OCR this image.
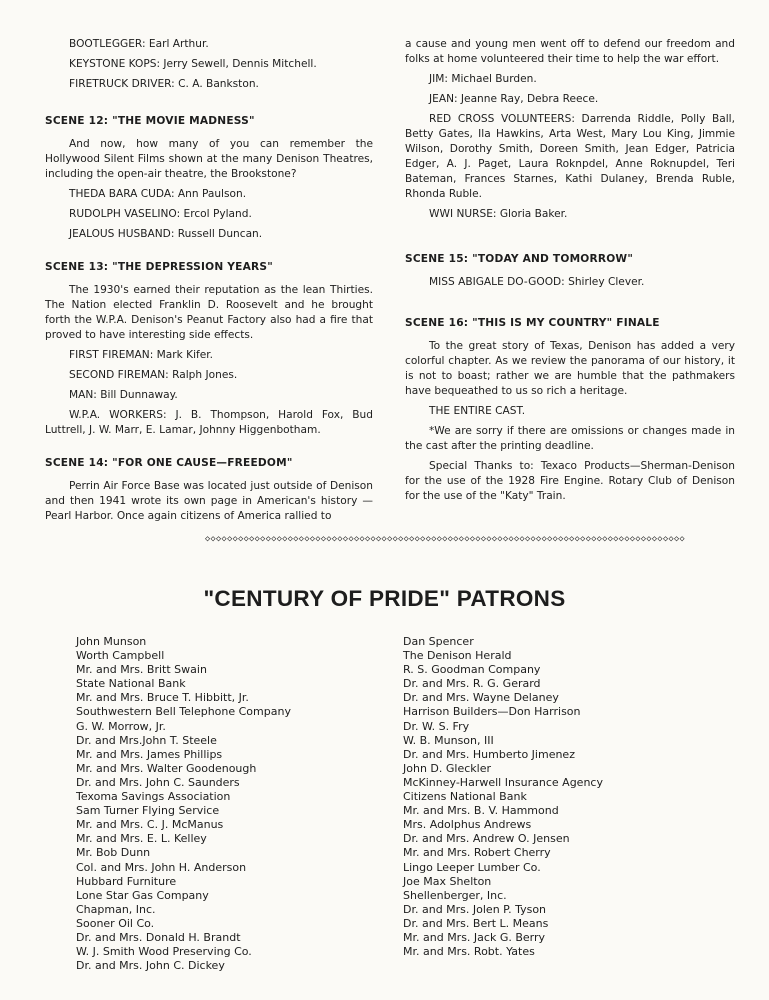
BOOTLEGGER: Earl Arthur.
KEYSTONE KOPS: Jerry Sewell, Dennis Mitchell.
FIRETRUCK DRIVER: C. A. Bankston.
SCENE 12: "THE MOVIE MADNESS"
And now, how many of you can remember the Hollywood Silent Films shown at the many Denison Theatres, including the open-air theatre, the Brookstone?
THEDA BARA CUDA: Ann Paulson.
RUDOLPH VASELINO: Ercol Pyland.
JEALOUS HUSBAND: Russell Duncan.
SCENE 13: "THE DEPRESSION YEARS"
The 1930's earned their reputation as the lean Thirties. The Nation elected Franklin D. Roosevelt and he brought forth the W.P.A. Denison's Peanut Factory also had a fire that proved to have interesting side effects.
FIRST FIREMAN: Mark Kifer.
SECOND FIREMAN: Ralph Jones.
MAN: Bill Dunnaway.
W.P.A. WORKERS: J. B. Thompson, Harold Fox, Bud Luttrell, J. W. Marr, E. Lamar, Johnny Higgenbotham.
SCENE 14: "FOR ONE CAUSE—FREEDOM"
Perrin Air Force Base was located just outside of Denison and then 1941 wrote its own page in American's history —Pearl Harbor. Once again citizens of America rallied to
a cause and young men went off to defend our freedom and folks at home volunteered their time to help the war effort.
JIM: Michael Burden.
JEAN: Jeanne Ray, Debra Reece.
RED CROSS VOLUNTEERS: Darrenda Riddle, Polly Ball, Betty Gates, Ila Hawkins, Arta West, Mary Lou King, Jimmie Wilson, Dorothy Smith, Doreen Smith, Jean Edger, Patricia Edger, A. J. Paget, Laura Roknpdel, Anne Roknupdel, Teri Bateman, Frances Starnes, Kathi Dulaney, Brenda Ruble, Rhonda Ruble.
WWI NURSE: Gloria Baker.
SCENE 15: "TODAY AND TOMORROW"
MISS ABIGALE DO-GOOD: Shirley Clever.
SCENE 16: "THIS IS MY COUNTRY" FINALE
To the great story of Texas, Denison has added a very colorful chapter. As we review the panorama of our history, it is not to boast; rather we are humble that the pathmakers have bequeathed to us so rich a heritage.
THE ENTIRE CAST.
*We are sorry if there are omissions or changes made in the cast after the printing deadline.
Special Thanks to: Texaco Products—Sherman-Denison for the use of the 1928 Fire Engine. Rotary Club of Denison for the use of the "Katy" Train.
◇◇◇◇◇◇◇◇◇◇◇◇◇◇◇◇◇◇◇◇◇◇◇◇◇◇◇◇◇◇◇◇◇◇◇◇◇◇◇◇◇◇◇◇◇◇◇◇◇◇◇◇◇◇◇◇◇◇◇◇◇◇◇◇◇◇◇◇◇◇◇◇◇◇◇◇◇◇◇◇◇◇◇◇◇◇◇
"CENTURY OF PRIDE" PATRONS
John Munson
Worth Campbell
Mr. and Mrs. Britt Swain
State National Bank
Mr. and Mrs. Bruce T. Hibbitt, Jr.
Southwestern Bell Telephone Company
G. W. Morrow, Jr.
Dr. and Mrs.John T. Steele
Mr. and Mrs. James Phillips
Mr. and Mrs. Walter Goodenough
Dr. and Mrs. John C. Saunders
Texoma Savings Association
Sam Turner Flying Service
Mr. and Mrs. C. J. McManus
Mr. and Mrs. E. L. Kelley
Mr. Bob Dunn
Col. and Mrs. John H. Anderson
Hubbard Furniture
Lone Star Gas Company
Chapman, Inc.
Sooner Oil Co.
Dr. and Mrs. Donald H. Brandt
W. J. Smith Wood Preserving Co.
Dr. and Mrs. John C. Dickey
Dan Spencer
The Denison Herald
R. S. Goodman Company
Dr. and Mrs. R. G. Gerard
Dr. and Mrs. Wayne Delaney
Harrison Builders—Don Harrison
Dr. W. S. Fry
W. B. Munson, III
Dr. and Mrs. Humberto Jimenez
John D. Gleckler
McKinney-Harwell Insurance Agency
Citizens National Bank
Mr. and Mrs. B. V. Hammond
Mrs. Adolphus Andrews
Dr. and Mrs. Andrew O. Jensen
Mr. and Mrs. Robert Cherry
Lingo Leeper Lumber Co.
Joe Max Shelton
Shellenberger, Inc.
Dr. and Mrs. Jolen P. Tyson
Dr. and Mrs. Bert L. Means
Mr. and Mrs. Jack G. Berry
Mr. and Mrs. Robt. Yates
